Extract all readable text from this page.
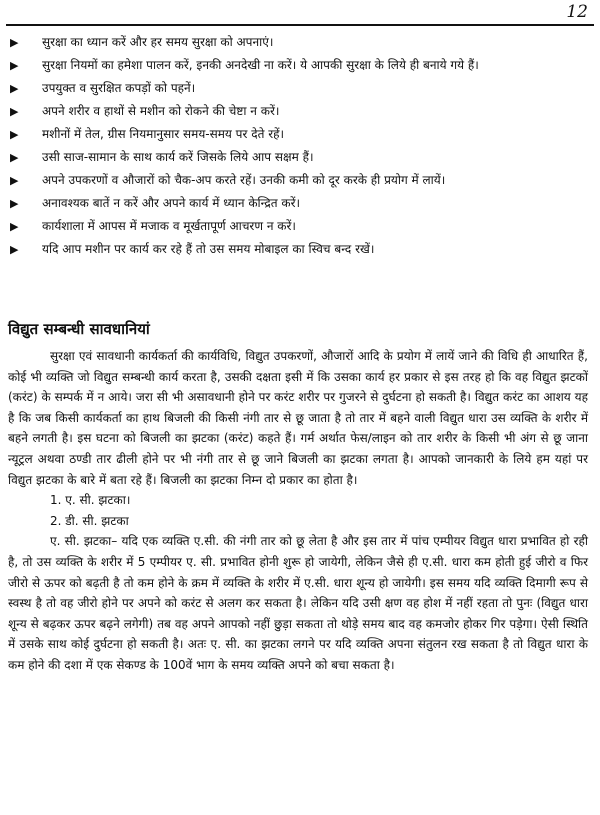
12
▶	सुरक्षा का ध्यान करें और हर समय सुरक्षा को अपनाएं।
▶	सुरक्षा नियमों का हमेशा पालन करें, इनकी अनदेखी ना करें। ये आपकी सुरक्षा के लिये ही बनाये गये हैं।
▶	उपयुक्त व सुरक्षित कपड़ों को पहनें।
▶	अपने शरीर व हाथों से मशीन को रोकने की चेष्टा न करें।
▶	मशीनों में तेल, ग्रीस नियमानुसार समय-समय पर देते रहें।
▶	उसी साज-सामान के साथ कार्य करें जिसके लिये आप सक्षम हैं।
▶	अपने उपकरणों व औजारों को चैक-अप करते रहें। उनकी कमी को दूर करके ही प्रयोग में लायें।
▶	अनावश्यक बातें न करें और अपने कार्य में ध्यान केन्द्रित करें।
▶	कार्यशाला में आपस में मजाक व मूर्खतापूर्ण आचरण न करें।
▶	यदि आप मशीन पर कार्य कर रहे हैं तो उस समय मोबाइल का स्विच बन्द रखें।
विद्युत सम्बन्धी सावधानियां

सुरक्षा एवं सावधानी कार्यकर्ता की कार्यविधि, विद्युत उपकरणों, औजारों आदि के प्रयोग में लायें जाने की विधि ही आधारित हैं, कोई भी व्यक्ति जो विद्युत सम्बन्धी कार्य करता है, उसकी दक्षता इसी में कि उसका कार्य हर प्रकार से इस तरह हो कि वह विद्युत झटकों (करंट) के सम्पर्क में न आये। जरा सी भी असावधानी होने पर करंट शरीर पर गुजरने से दुर्घटना हो सकती है। विद्युत करंट का आशय यह है कि जब किसी कार्यकर्ता का हाथ बिजली की किसी नंगी तार से छू जाता है तो तार में बहने वाली विद्युत धारा उस व्यक्ति के शरीर में बहने लगती है। इस घटना को बिजली का झटका (करंट) कहते हैं। गर्म अर्थात फेस/लाइन को तार शरीर के किसी भी अंग से छू जाना न्यूट्रल अथवा ठण्डी तार ढीली होने पर भी नंगी तार से छू जाने बिजली का झटका लगता है। आपको जानकारी के लिये हम यहां पर विद्युत झटका के बारे में बता रहे हैं। बिजली का झटका निम्न दो प्रकार का होता है।

1. ए. सी. झटका।
2. डी. सी. झटका

ए. सी. झटका– यदि एक व्यक्ति ए.सी. की नंगी तार को छू लेता है और इस तार में पांच एम्पीयर विद्युत धारा प्रभावित हो रही है, तो उस व्यक्ति के शरीर में 5 एम्पीयर ए. सी. प्रभावित होनी शुरू हो जायेगी, लेकिन जैसे ही ए.सी. धारा कम होती हुई जीरो व फिर जीरो से ऊपर को बढ़ती है तो कम होने के क्रम में व्यक्ति के शरीर में ए.सी. धारा शून्य हो जायेगी। इस समय यदि व्यक्ति दिमागी रूप से स्वस्थ है तो वह जीरो होने पर अपने को करंट से अलग कर सकता है। लेकिन यदि उसी क्षण वह होश में नहीं रहता तो पुनः (विद्युत धारा शून्य से बढ़कर ऊपर बढ़ने लगेगी) तब वह अपने आपको नहीं छुड़ा सकता तो थोड़े समय बाद वह कमजोर होकर गिर पड़ेगा। ऐसी स्थिति में उसके साथ कोई दुर्घटना हो सकती है। अतः ए. सी. का झटका लगने पर यदि व्यक्ति अपना संतुलन रख सकता है तो विद्युत धारा के कम होने की दशा में एक सेकण्ड के 100वें भाग के समय व्यक्ति अपने को बचा सकता है।
